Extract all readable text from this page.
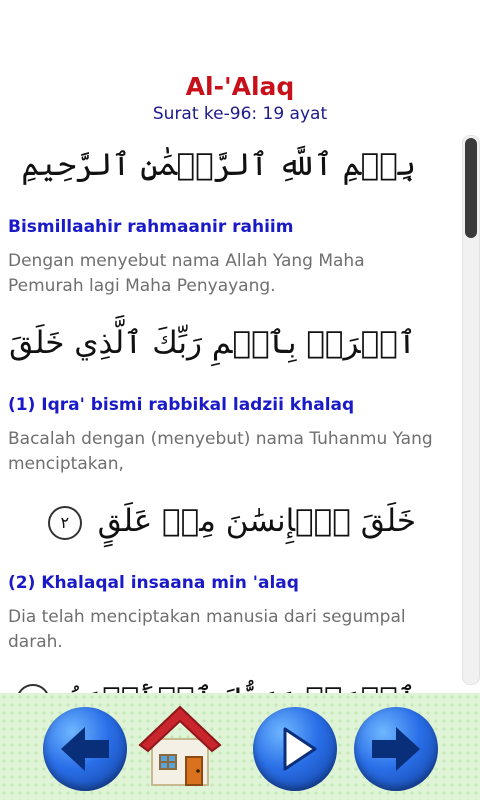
Al-'Alaq
Surat ke-96: 19 ayat
بِسۡمِ ٱللَّهِ ٱلرَّحۡمَٰنِ ٱلرَّحِيمِ
Bismillaahir rahmaanir rahiim
Dengan menyebut nama Allah Yang Maha Pemurah lagi Maha Penyayang.
ٱقۡرَأۡ بِٱسۡمِ رَبِّكَ ٱلَّذِي خَلَقَ
(1) Iqra' bismi rabbikal ladzii khalaq
Bacalah dengan (menyebut) nama Tuhanmu Yang menciptakan,
خَلَقَ ٱلۡإِنسَٰنَ مِنۡ عَلَقٍ ٢
(2) Khalaqal insaana min 'alaq
Dia telah menciptakan manusia dari segumpal darah.
